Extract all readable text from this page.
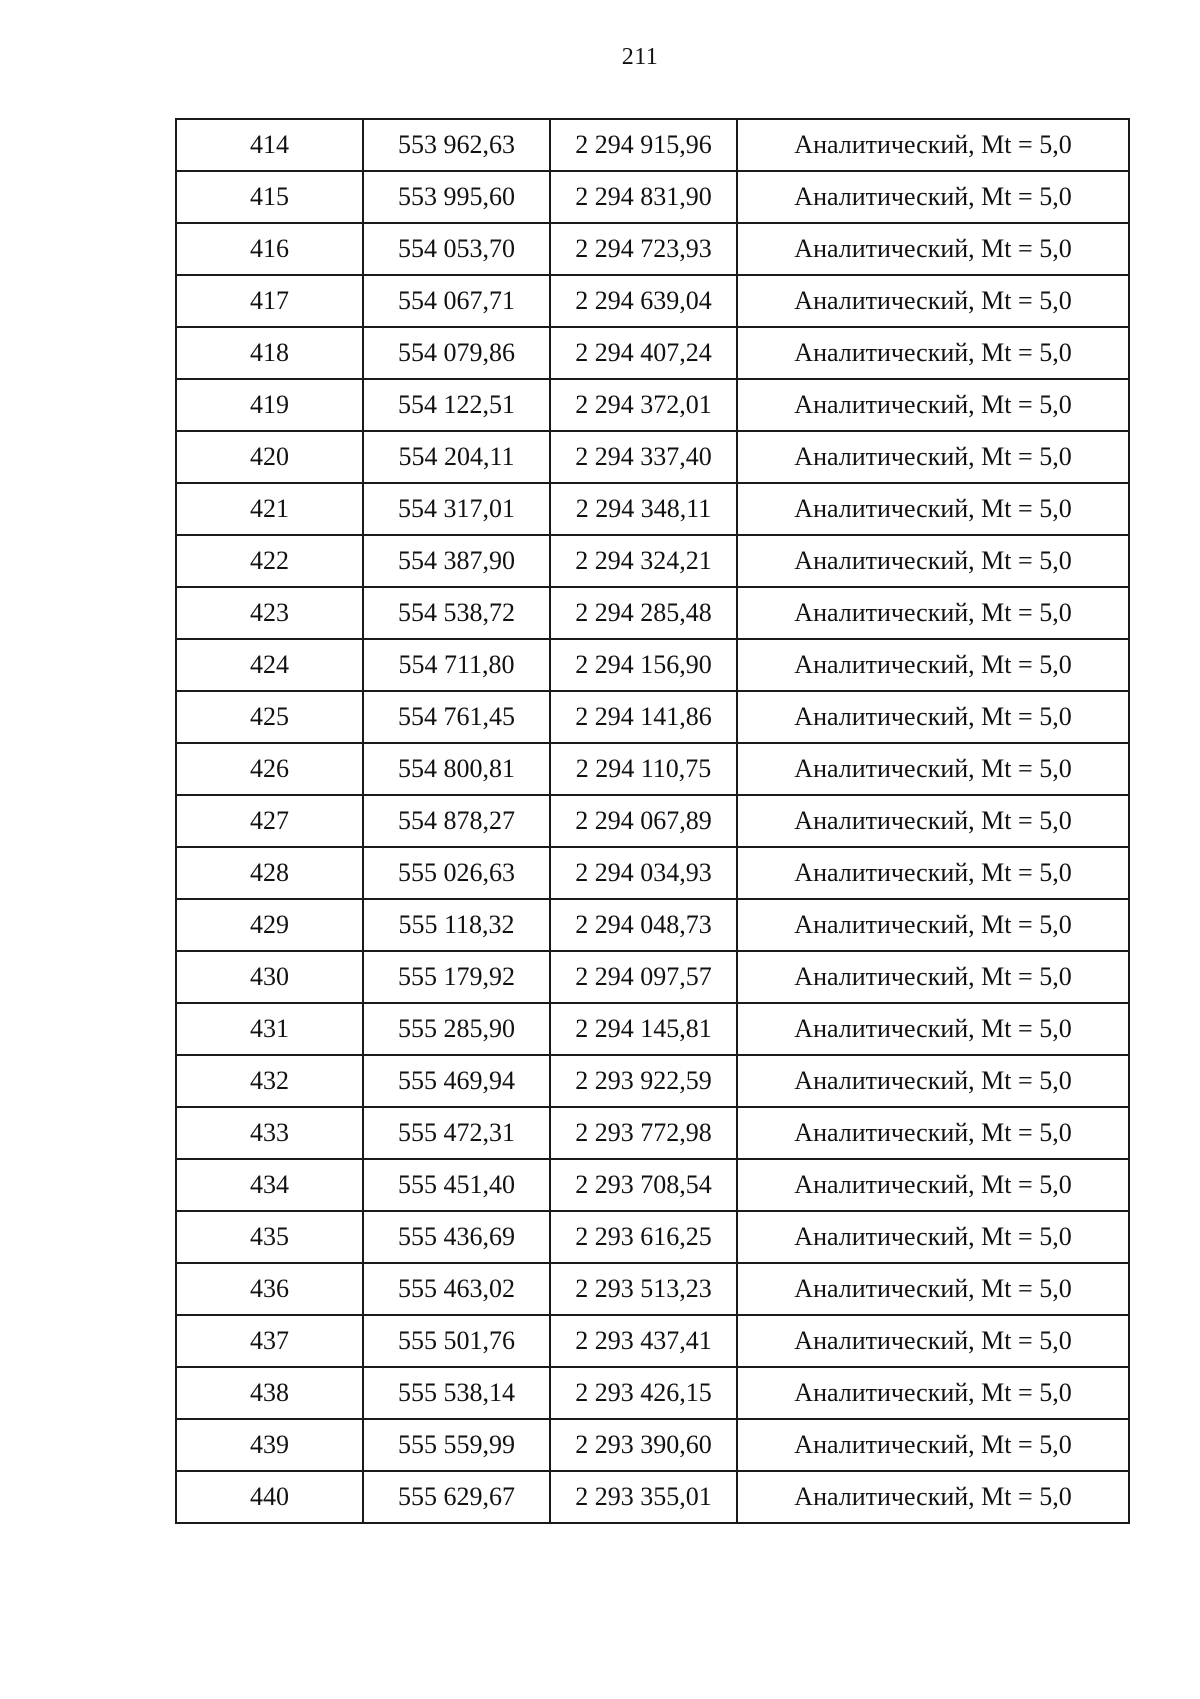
211
414	553 962,63	2 294 915,96	Аналитический, Mt = 5,0
415	553 995,60	2 294 831,90	Аналитический, Mt = 5,0
416	554 053,70	2 294 723,93	Аналитический, Mt = 5,0
417	554 067,71	2 294 639,04	Аналитический, Mt = 5,0
418	554 079,86	2 294 407,24	Аналитический, Mt = 5,0
419	554 122,51	2 294 372,01	Аналитический, Mt = 5,0
420	554 204,11	2 294 337,40	Аналитический, Mt = 5,0
421	554 317,01	2 294 348,11	Аналитический, Mt = 5,0
422	554 387,90	2 294 324,21	Аналитический, Mt = 5,0
423	554 538,72	2 294 285,48	Аналитический, Mt = 5,0
424	554 711,80	2 294 156,90	Аналитический, Mt = 5,0
425	554 761,45	2 294 141,86	Аналитический, Mt = 5,0
426	554 800,81	2 294 110,75	Аналитический, Mt = 5,0
427	554 878,27	2 294 067,89	Аналитический, Mt = 5,0
428	555 026,63	2 294 034,93	Аналитический, Mt = 5,0
429	555 118,32	2 294 048,73	Аналитический, Mt = 5,0
430	555 179,92	2 294 097,57	Аналитический, Mt = 5,0
431	555 285,90	2 294 145,81	Аналитический, Mt = 5,0
432	555 469,94	2 293 922,59	Аналитический, Mt = 5,0
433	555 472,31	2 293 772,98	Аналитический, Mt = 5,0
434	555 451,40	2 293 708,54	Аналитический, Mt = 5,0
435	555 436,69	2 293 616,25	Аналитический, Mt = 5,0
436	555 463,02	2 293 513,23	Аналитический, Mt = 5,0
437	555 501,76	2 293 437,41	Аналитический, Mt = 5,0
438	555 538,14	2 293 426,15	Аналитический, Mt = 5,0
439	555 559,99	2 293 390,60	Аналитический, Mt = 5,0
440	555 629,67	2 293 355,01	Аналитический, Mt = 5,0
